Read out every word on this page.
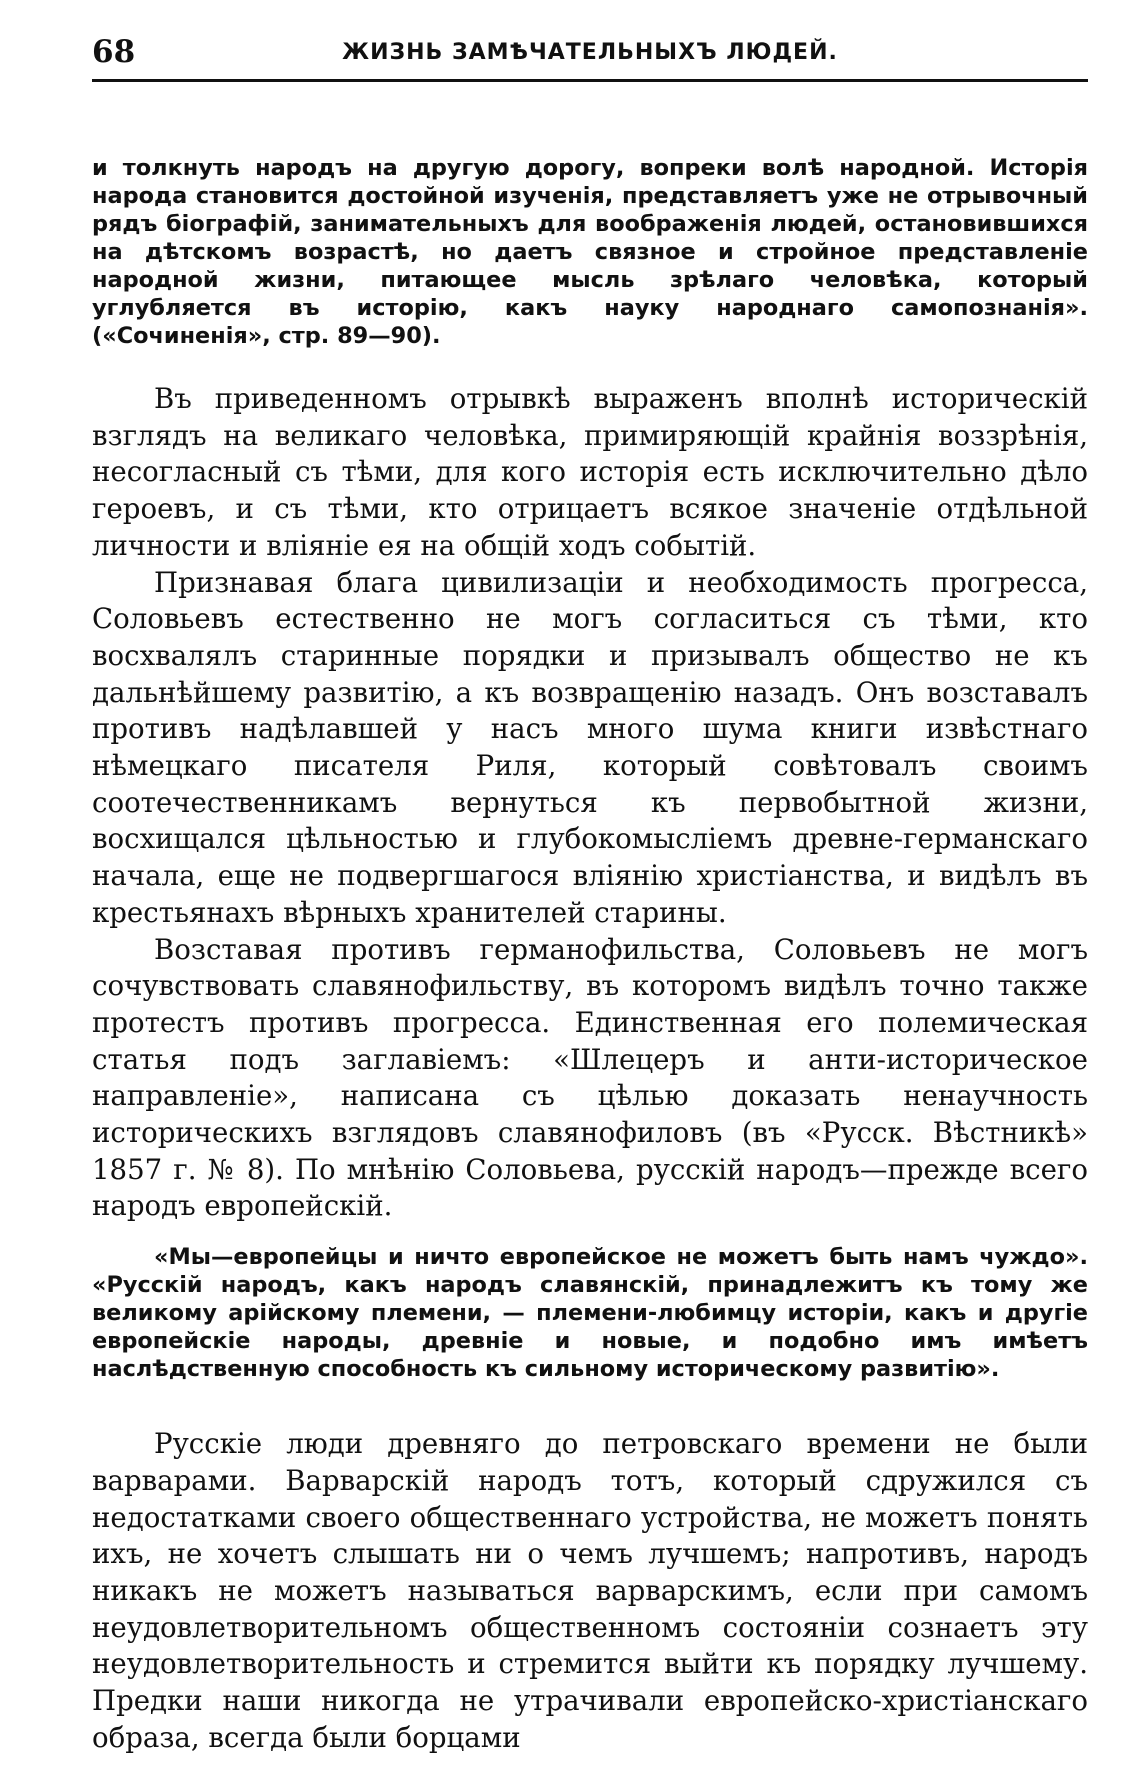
68	ЖИЗНЬ ЗАМѢЧАТЕЛЬНЫХЪ ЛЮДЕЙ.

и толкнуть народъ на другую дорогу, вопреки волѣ народной. Исторія народа становится достойной изученія, представляетъ уже не отрывочный рядъ біографій, занимательныхъ для воображенія людей, остановившихся на дѣтскомъ возрастѣ, но даетъ связное и стройное представленіе народной жизни, питающее мысль зрѣлаго человѣка, который углубляется въ исторію, какъ науку народнаго самопознанія». («Сочиненія», стр. 89—90).

Въ приведенномъ отрывкѣ выраженъ вполнѣ историческій взглядъ на великаго человѣка, примиряющій крайнія воззрѣнія, несогласный съ тѣми, для кого исторія есть исключительно дѣло героевъ, и съ тѣми, кто отрицаетъ всякое значеніе отдѣльной личности и вліяніе ея на общій ходъ событій.

Признавая блага цивилизаціи и необходимость прогресса, Соловьевъ естественно не могъ согласиться съ тѣми, кто восхвалялъ старинные порядки и призывалъ общество не къ дальнѣйшему развитію, а къ возвращенію назадъ. Онъ возставалъ противъ надѣлавшей у насъ много шума книги извѣстнаго нѣмецкаго писателя Риля, который совѣтовалъ своимъ соотечественникамъ вернуться къ первобытной жизни, восхищался цѣльностью и глубокомысліемъ древне-германскаго начала, еще не подвергшагося вліянію христіанства, и видѣлъ въ крестьянахъ вѣрныхъ хранителей старины.

Возставая противъ германофильства, Соловьевъ не могъ сочувствовать славянофильству, въ которомъ видѣлъ точно также протестъ противъ прогресса. Единственная его полемическая статья подъ заглавіемъ: «Шлецеръ и анти-историческое направленіе», написана съ цѣлью доказать ненаучность историческихъ взглядовъ славянофиловъ (въ «Русск. Вѣстникѣ» 1857 г. № 8). По мнѣнію Соловьева, русскій народъ—прежде всего народъ европейскій.

«Мы—европейцы и ничто европейское не можетъ быть намъ чуждо». «Русскій народъ, какъ народъ славянскій, принадлежитъ къ тому же великому арійскому племени, — племени-любимцу исторіи, какъ и другіе европейскіе народы, древніе и новые, и подобно имъ имѣетъ наслѣдственную способность къ сильному историческому развитію».

Русскіе люди древняго до петровскаго времени не были варварами. Варварскій народъ тотъ, который сдружился съ недостатками своего общественнаго устройства, не можетъ понять ихъ, не хочетъ слышать ни о чемъ лучшемъ; напротивъ, народъ никакъ не можетъ называться варварскимъ, если при самомъ неудовлетворительномъ общественномъ состояніи сознаетъ эту неудовлетворительность и стремится выйти къ порядку лучшему. Предки наши никогда не утрачивали европейско-христіанскаго образа, всегда были борцами
